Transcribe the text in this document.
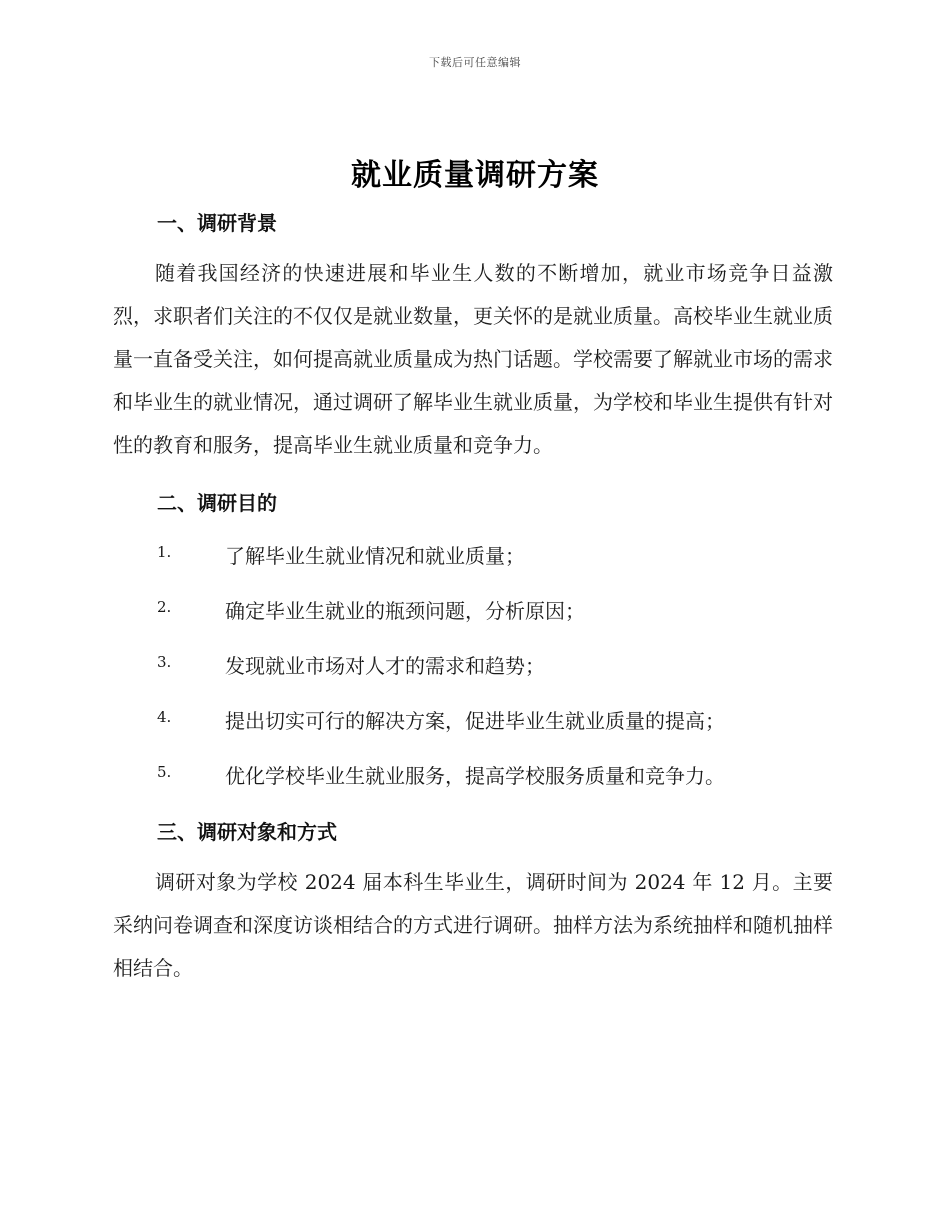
下载后可任意编辑
就业质量调研方案
一、调研背景

随着我国经济的快速进展和毕业生人数的不断增加，就业市场竞争日益激烈，求职者们关注的不仅仅是就业数量，更关怀的是就业质量。高校毕业生就业质量一直备受关注，如何提高就业质量成为热门话题。学校需要了解就业市场的需求和毕业生的就业情况，通过调研了解毕业生就业质量，为学校和毕业生提供有针对性的教育和服务，提高毕业生就业质量和竞争力。

二、调研目的
1.	了解毕业生就业情况和就业质量；
2.	确定毕业生就业的瓶颈问题，分析原因；
3.	发现就业市场对人才的需求和趋势；
4.	提出切实可行的解决方案，促进毕业生就业质量的提高；
5.	优化学校毕业生就业服务，提高学校服务质量和竞争力。
三、调研对象和方式

调研对象为学校 2024 届本科生毕业生，调研时间为 2024 年 12 月。主要采纳问卷调查和深度访谈相结合的方式进行调研。抽样方法为系统抽样和随机抽样相结合。
